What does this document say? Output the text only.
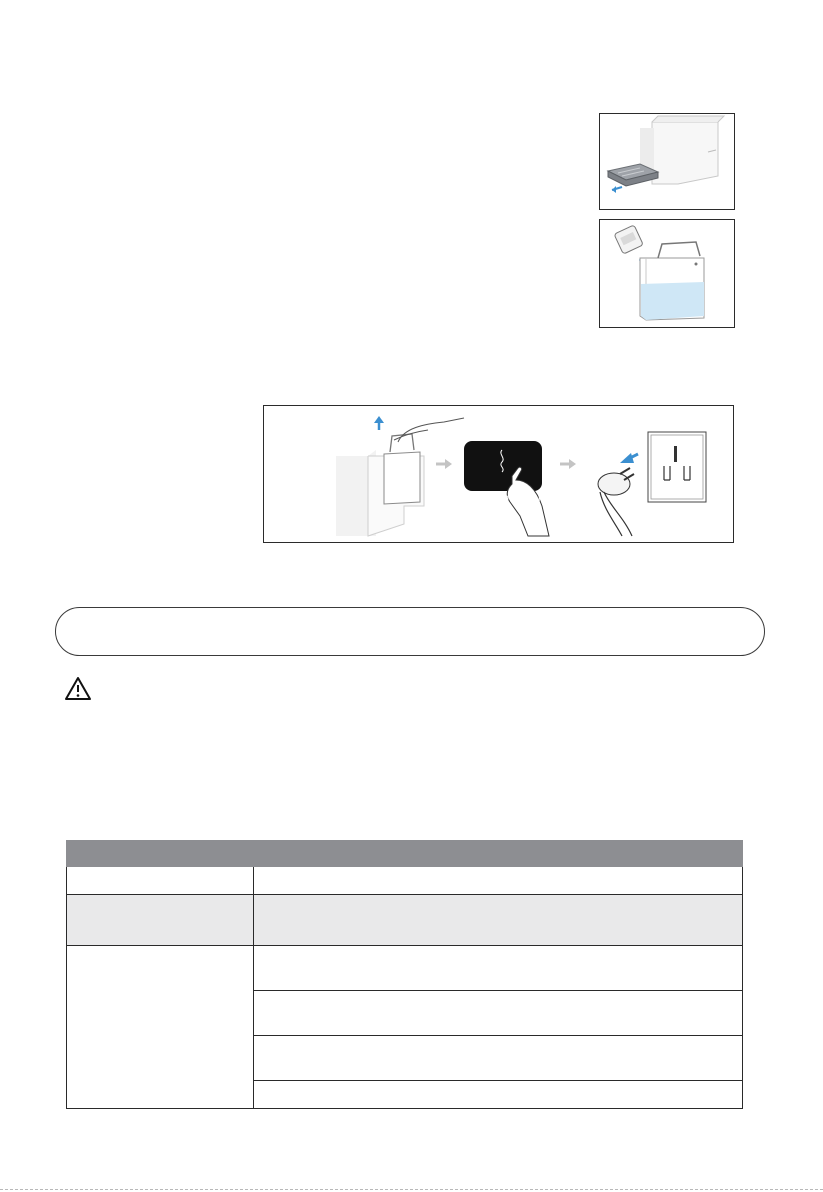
Ambient Water
